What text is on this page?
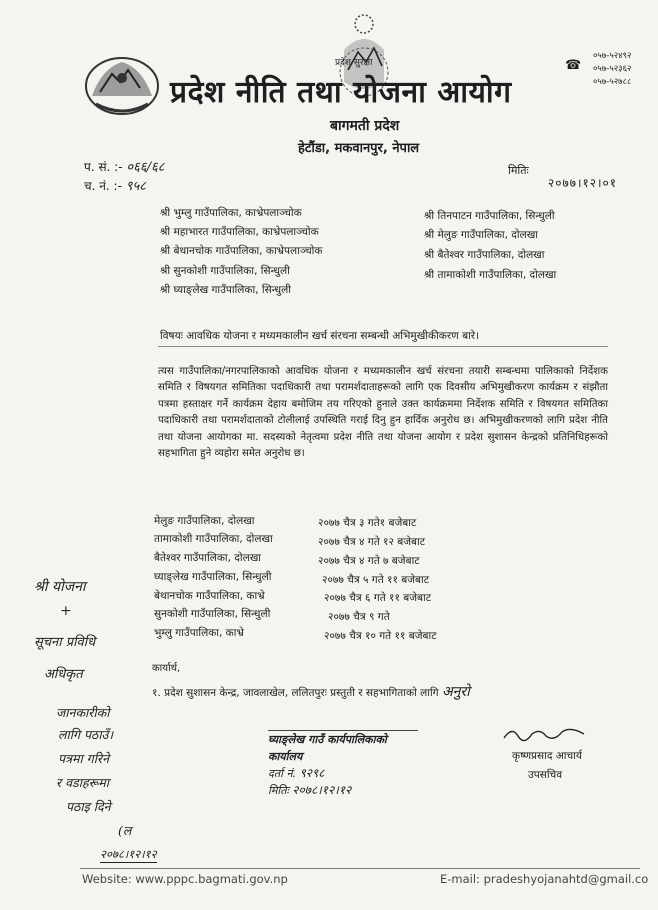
प्रदेश सुरक्षा
प्रदेश नीति तथा योजना आयोग
बागमती प्रदेश
हेटौंडा, मकवानपुर, नेपाल
☎
०५७-५२४९२
०५७-५२३६२
०५७-५२७८८
प. सं. :- ०६६/६८
च. नं. :- ९५८
मितिः
२०७७।१२।०१
श्री भुम्लु गाउँपालिका, काभ्रेपलाञ्चोक
श्री महाभारत गाउँपालिका, काभ्रेपलाञ्चोक
श्री बेथानचोक गाउँपालिका, काभ्रेपलाञ्चोक
श्री सुनकोशी गाउँपालिका, सिन्धुली
श्री घ्याङ्लेख गाउँपालिका, सिन्धुली
श्री तिनपाटन गाउँपालिका, सिन्धुली
श्री मेलुङ गाउँपालिका, दोलखा
श्री बैतेश्वर गाउँपालिका, दोलखा
श्री तामाकोशी गाउँपालिका, दोलखा
विषयः आवधिक योजना र मध्यमकालीन खर्च संरचना सम्बन्धी अभिमुखीकीकरण बारे।
त्यस गाउँपालिका/नगरपालिकाको आवधिक योजना र मध्यमकालीन खर्च संरचना तयारी सम्बन्धमा पालिकाको निर्देशक समिति र विषयगत समितिका पदाधिकारी तथा परामर्शदाताहरूको लागि एक दिवसीय अभिमुखीकरण कार्यक्रम र संझौता पत्रमा हस्ताक्षर गर्ने कार्यक्रम देहाय बमोजिम तय गरिएको हुनाले उक्त कार्यक्रममा निर्देशक समिति र विषयगत समितिका पदाधिकारी तथा परामर्शदाताको टोलीलाई उपस्थिति गराई दिनु हुन हार्दिक अनुरोध छ। अभिमुखीकरणको लागि प्रदेश नीति तथा योजना आयोगका मा. सदस्यको नेतृत्वमा प्रदेश नीति तथा योजना आयोग र प्रदेश सुशासन केन्द्रको प्रतिनिधिहरूको सहभागिता हुने व्यहोरा समेत अनुरोध छ।
मेलुङ गाउँपालिका, दोलखा	२०७७ चैत्र ३ गते१ बजेबाट
तामाकोशी गाउँपालिका, दोलखा	२०७७ चैत्र ४ गते १२ बजेबाट
बैतेश्वर गाउँपालिका, दोलखा	२०७७ चैत्र ४ गते ७ बजेबाट
घ्याङ्लेख गाउँपालिका, सिन्धुली	२०७७ चैत्र ५ गते ११ बजेबाट
बेथानचोक गाउँपालिका, काभ्रे	२०७७ चैत्र ६ गते ११ बजेबाट
सुनकोशी गाउँपालिका, सिन्धुली	२०७७ चैत्र ९ गते
भुम्लु गाउँपालिका, काभ्रे	२०७७ चैत्र १० गते ११ बजेबाट
कार्यार्थ,
१. प्रदेश सुशासन केन्द्र, जावलाखेल, ललितपुरः प्रस्तुती र सहभागिताको लागि अनुरो
घ्याङ्लेख गाउँ कार्यपालिकाको कार्यालय
दर्ता नं. ९२९८
मितिः २०७८।१२।१२
कृष्णप्रसाद आचार्य
उपसचिव
श्री योजना
+
सूचना प्रविधि
अधिकृत
जानकारीको
लागि पठाउँ।
पत्रमा गरिने
र वडाहरूमा
पठाइ दिने
(ल
२०७८।१२।१२
Website: www.pppc.bagmati.gov.np	E-mail: pradeshyojanahtd@gmail.co
